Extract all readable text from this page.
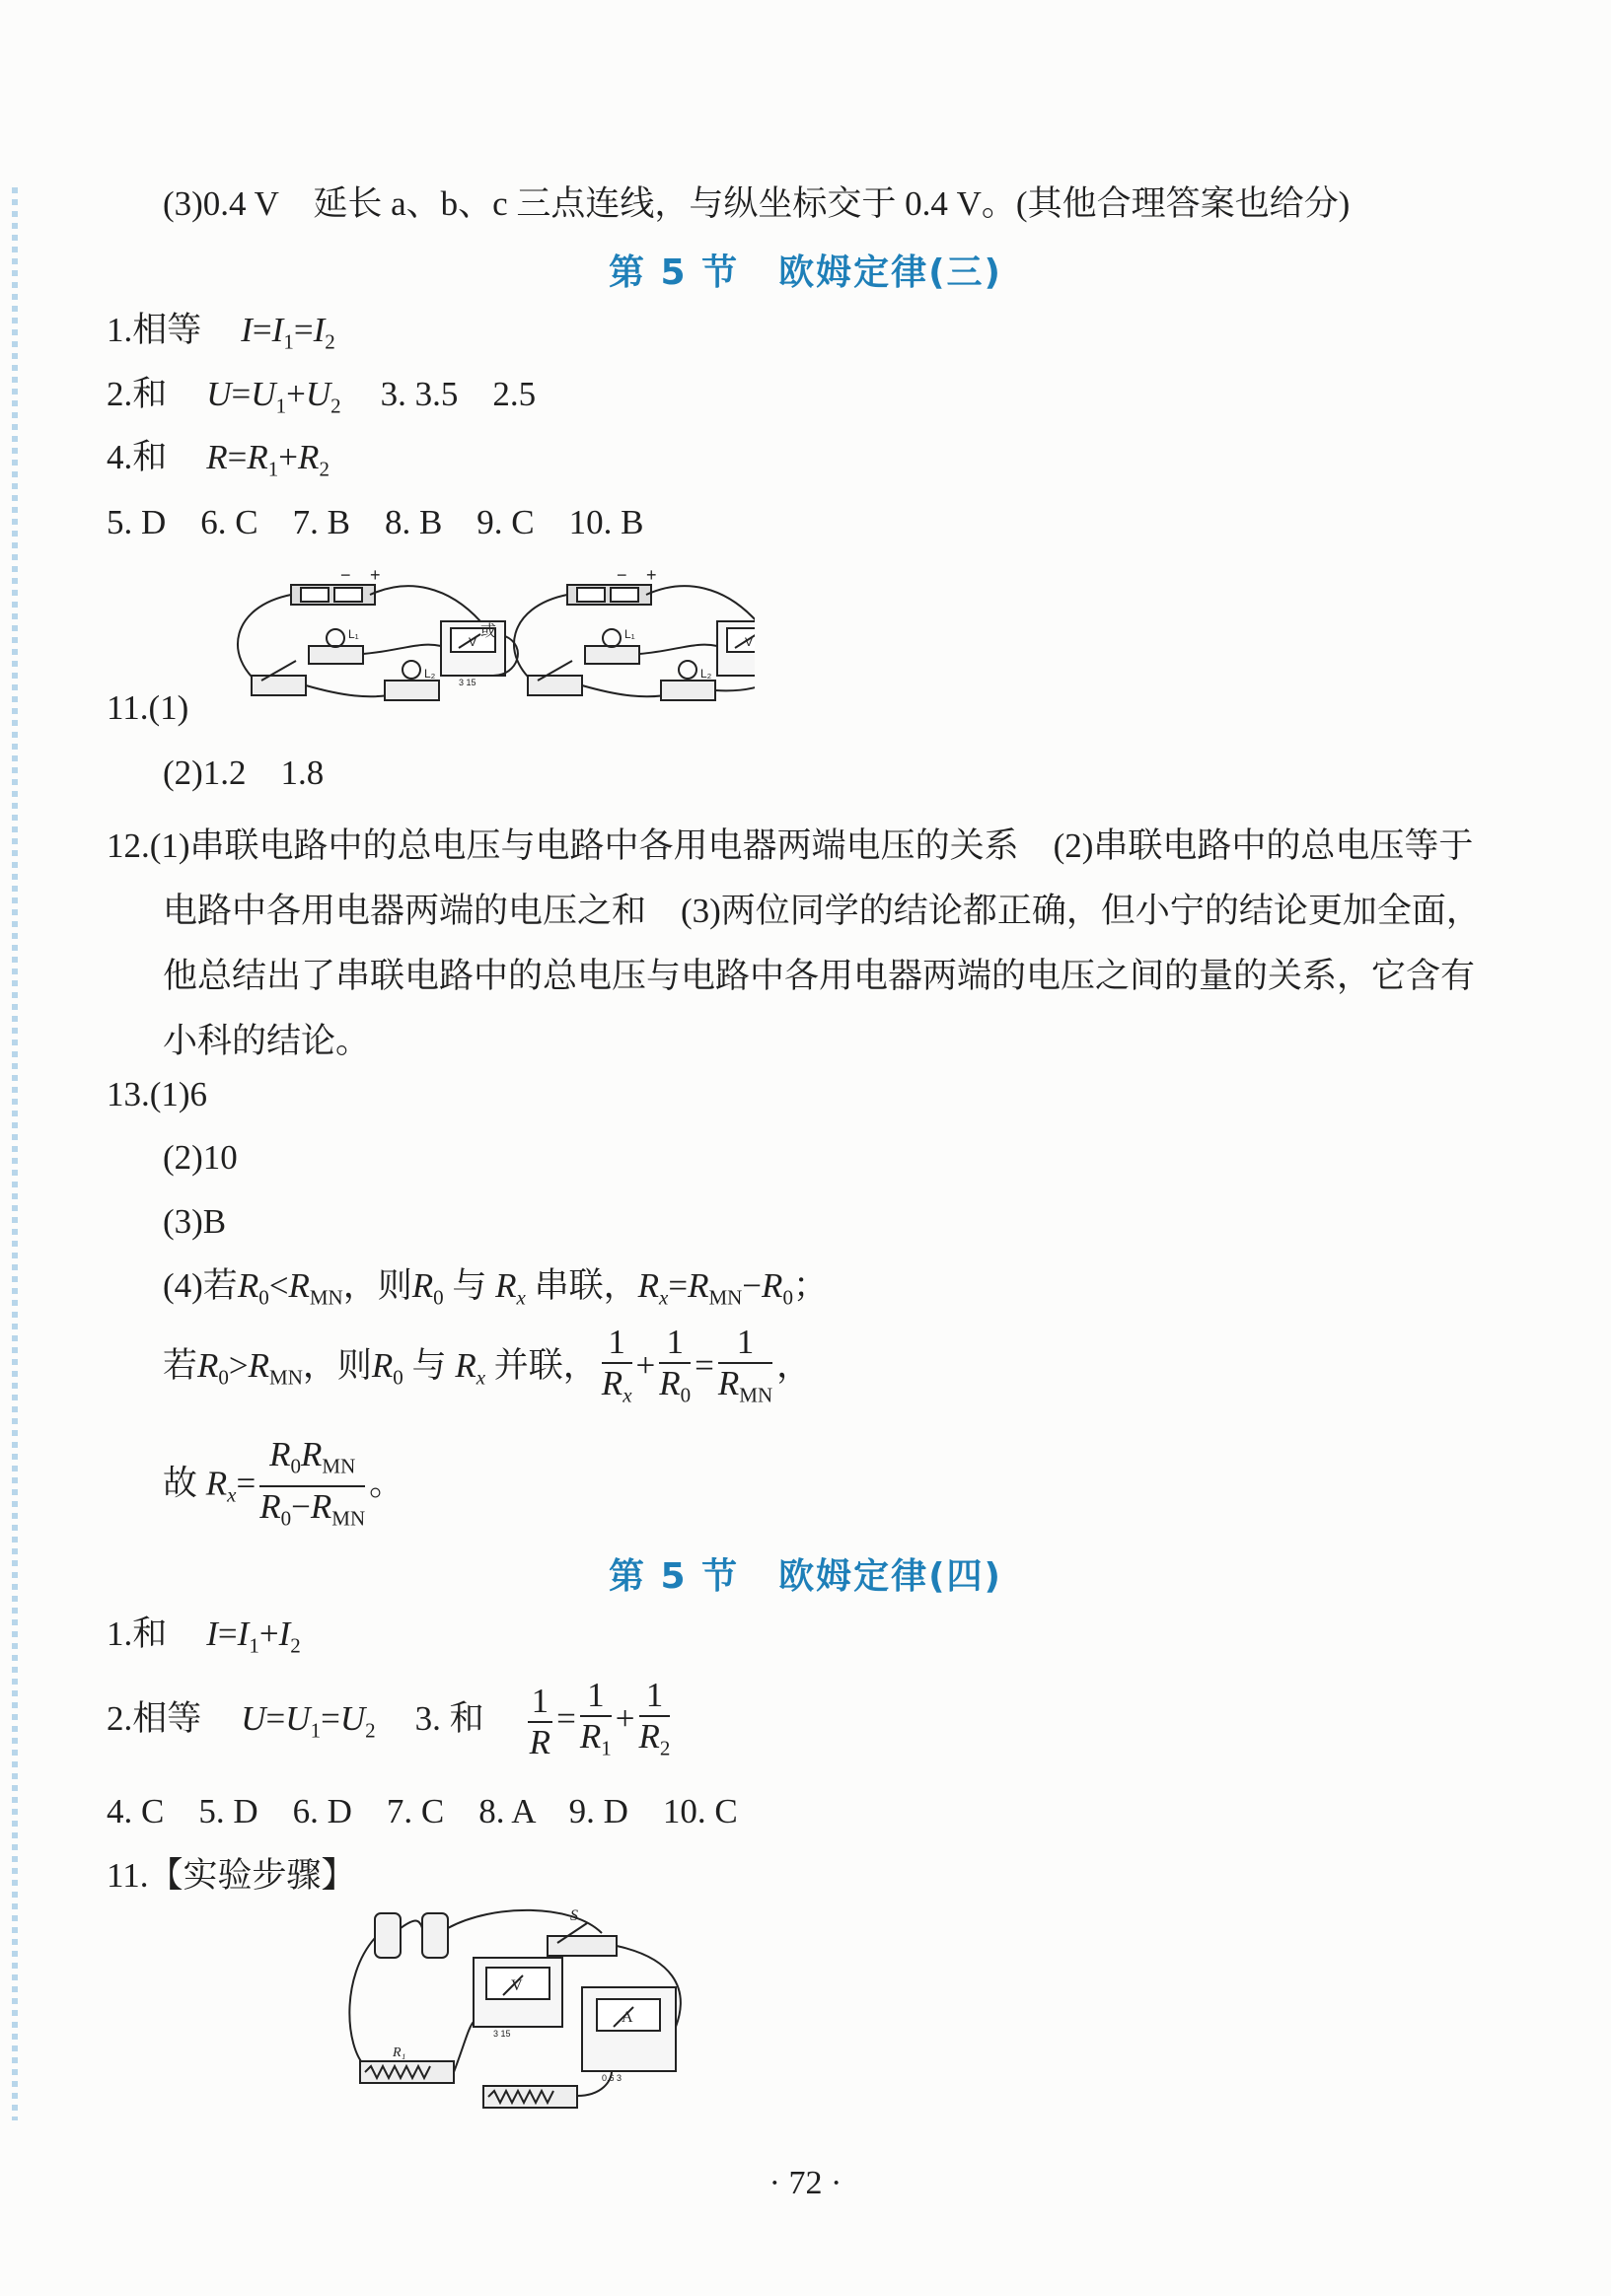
(3)0.4 V　延长 a、b、c 三点连线，与纵坐标交于 0.4 V。(其他合理答案也给分)
第 5 节 欧姆定律(三)
1.相等 $I=I_1=I_2$
2.和 $U=U_1+U_2$ 3. 3.5　2.5
4.和 $R=R_1+R_2$
5. D　6. C　7. B　8. B　9. C　10. B
− +
L₁
L₂
V
3 15
或
− +
L₁
L₂
V
11.(1)
(2)1.2　1.8
12.(1)串联电路中的总电压与电路中各用电器两端电压的关系　(2)串联电路中的总电压等于电路中各用电器两端的电压之和　(3)两位同学的结论都正确，但小宁的结论更加全面，他总结出了串联电路中的总电压与电路中各用电器两端的电压之间的量的关系，它含有小科的结论。
13.(1)6
(2)10
(3)B
(4)若$R_0<R_{MN}$，则$R_0$ 与 $R_x$ 串联，$R_x=R_{MN}-R_0$；
若$R_0>R_{MN}$，则$R_0$ 与 $R_x$ 并联， $\frac{1}{R_x} + \frac{1}{R_0} = \frac{1}{R_{MN}}$ ，
故 $R_x= \frac{R_0R_{MN}}{R_0-R_{MN}}$ 。
第 5 节 欧姆定律(四)
1.和 $I=I_1+I_2$
2.相等 $U=U_1=U_2$ 3. 和 $\frac{1}{R} = \frac{1}{R_1} + \frac{1}{R_2}$
4. C　5. D　6. D　7. C　8. A　9. D　10. C
11.【实验步骤】
S
V
A
R₁
3 15
0.6 3
· 72 ·
